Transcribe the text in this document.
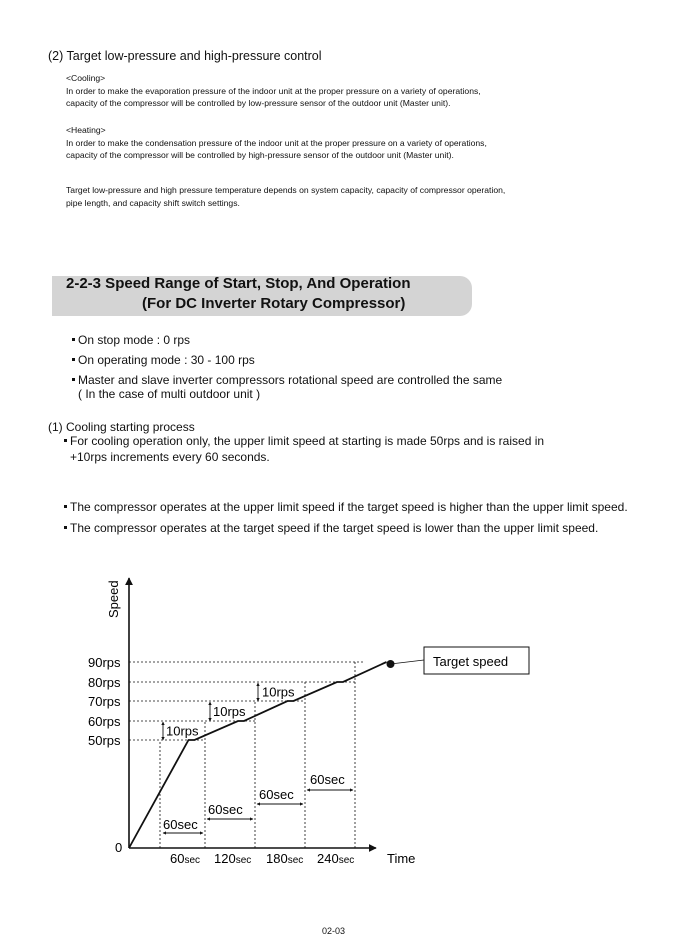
(2) Target low-pressure and high-pressure control
<Cooling>
In order to make the evaporation pressure of the indoor unit at the proper pressure on a variety of operations,
capacity of the compressor will be controlled by low-pressure sensor of the outdoor unit (Master unit).
<Heating>
In order to make the condensation pressure of the indoor unit at the proper pressure on a variety of operations,
capacity of the compressor will be controlled by high-pressure sensor of the outdoor unit (Master unit).
Target low-pressure and high pressure temperature depends on system capacity, capacity of compressor operation,
pipe length, and capacity shift switch settings.
2-2-3 Speed Range of Start, Stop, And Operation
(For DC Inverter Rotary Compressor)
On stop mode : 0 rps
On operating mode : 30 - 100 rps
Master and slave inverter compressors rotational speed are controlled the same
( In the case of multi outdoor unit )
(1) Cooling starting process
For cooling operation only, the upper limit speed at starting is made 50rps and is raised in
+10rps increments every 60 seconds.
The compressor operates at the upper limit speed if the target speed is higher than the upper limit speed.
The compressor operates at the target speed if the target speed is lower than the upper limit speed.
Speed
Time
0
90rps
80rps
70rps
60rps
50rps
60sec 120sec 180sec 240sec
10rps
10rps
10rps
60sec
60sec
60sec
60sec
Target speed
02-03
